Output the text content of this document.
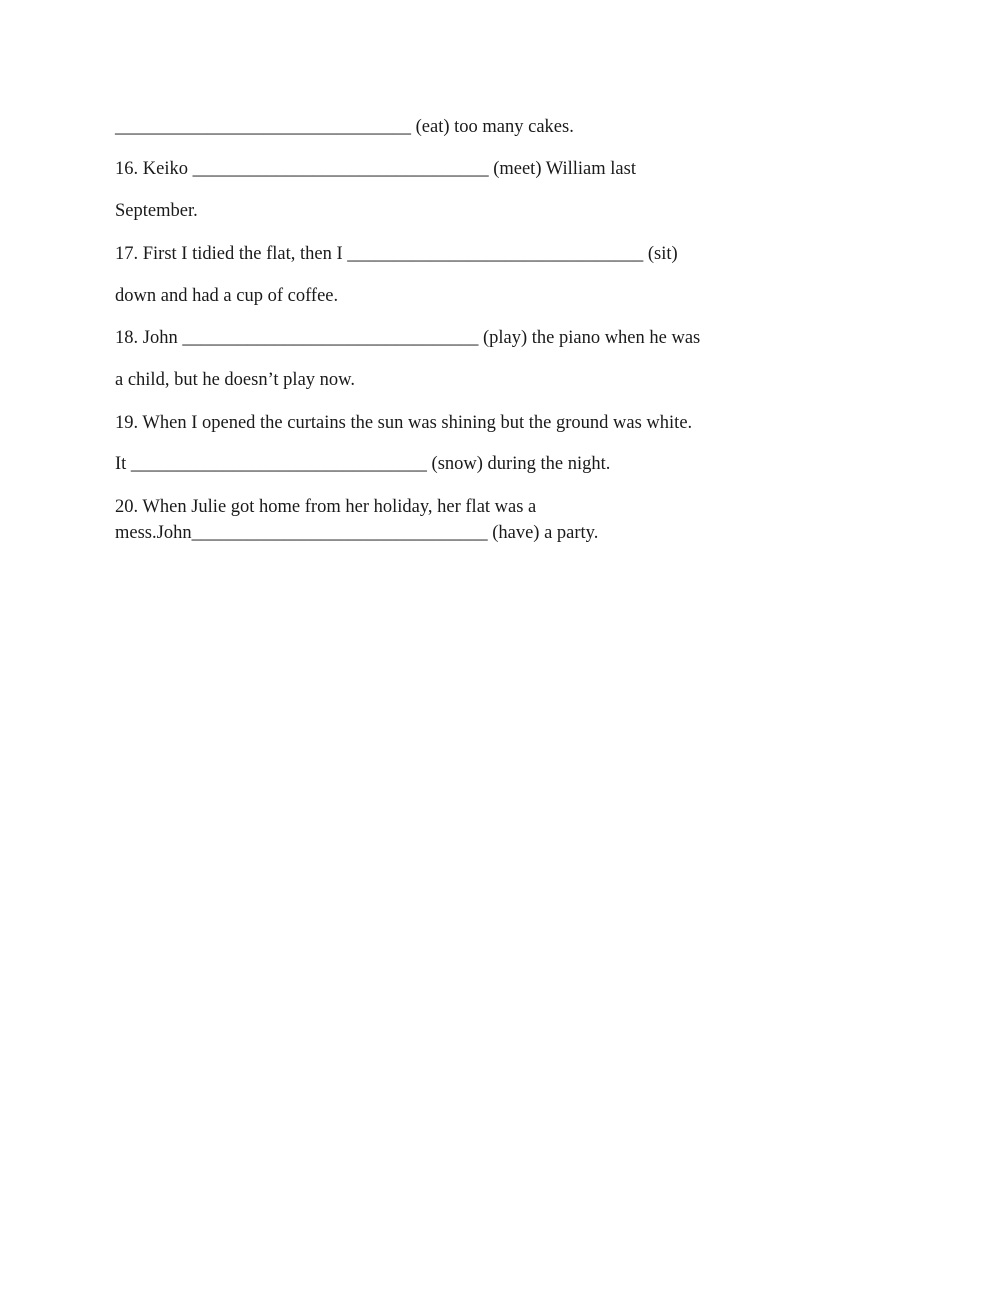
________________________________ (eat) too many cakes.
16. Keiko ________________________________ (meet) William last
September.
17. First I tidied the flat, then I ________________________________ (sit)
down and had a cup of coffee.
18. John ________________________________ (play) the piano when he was
a child, but he doesn’t play now.
19. When I opened the curtains the sun was shining but the ground was white.
It ________________________________ (snow) during the night.
20. When Julie got home from her holiday, her flat was a
mess.John________________________________ (have) a party.
